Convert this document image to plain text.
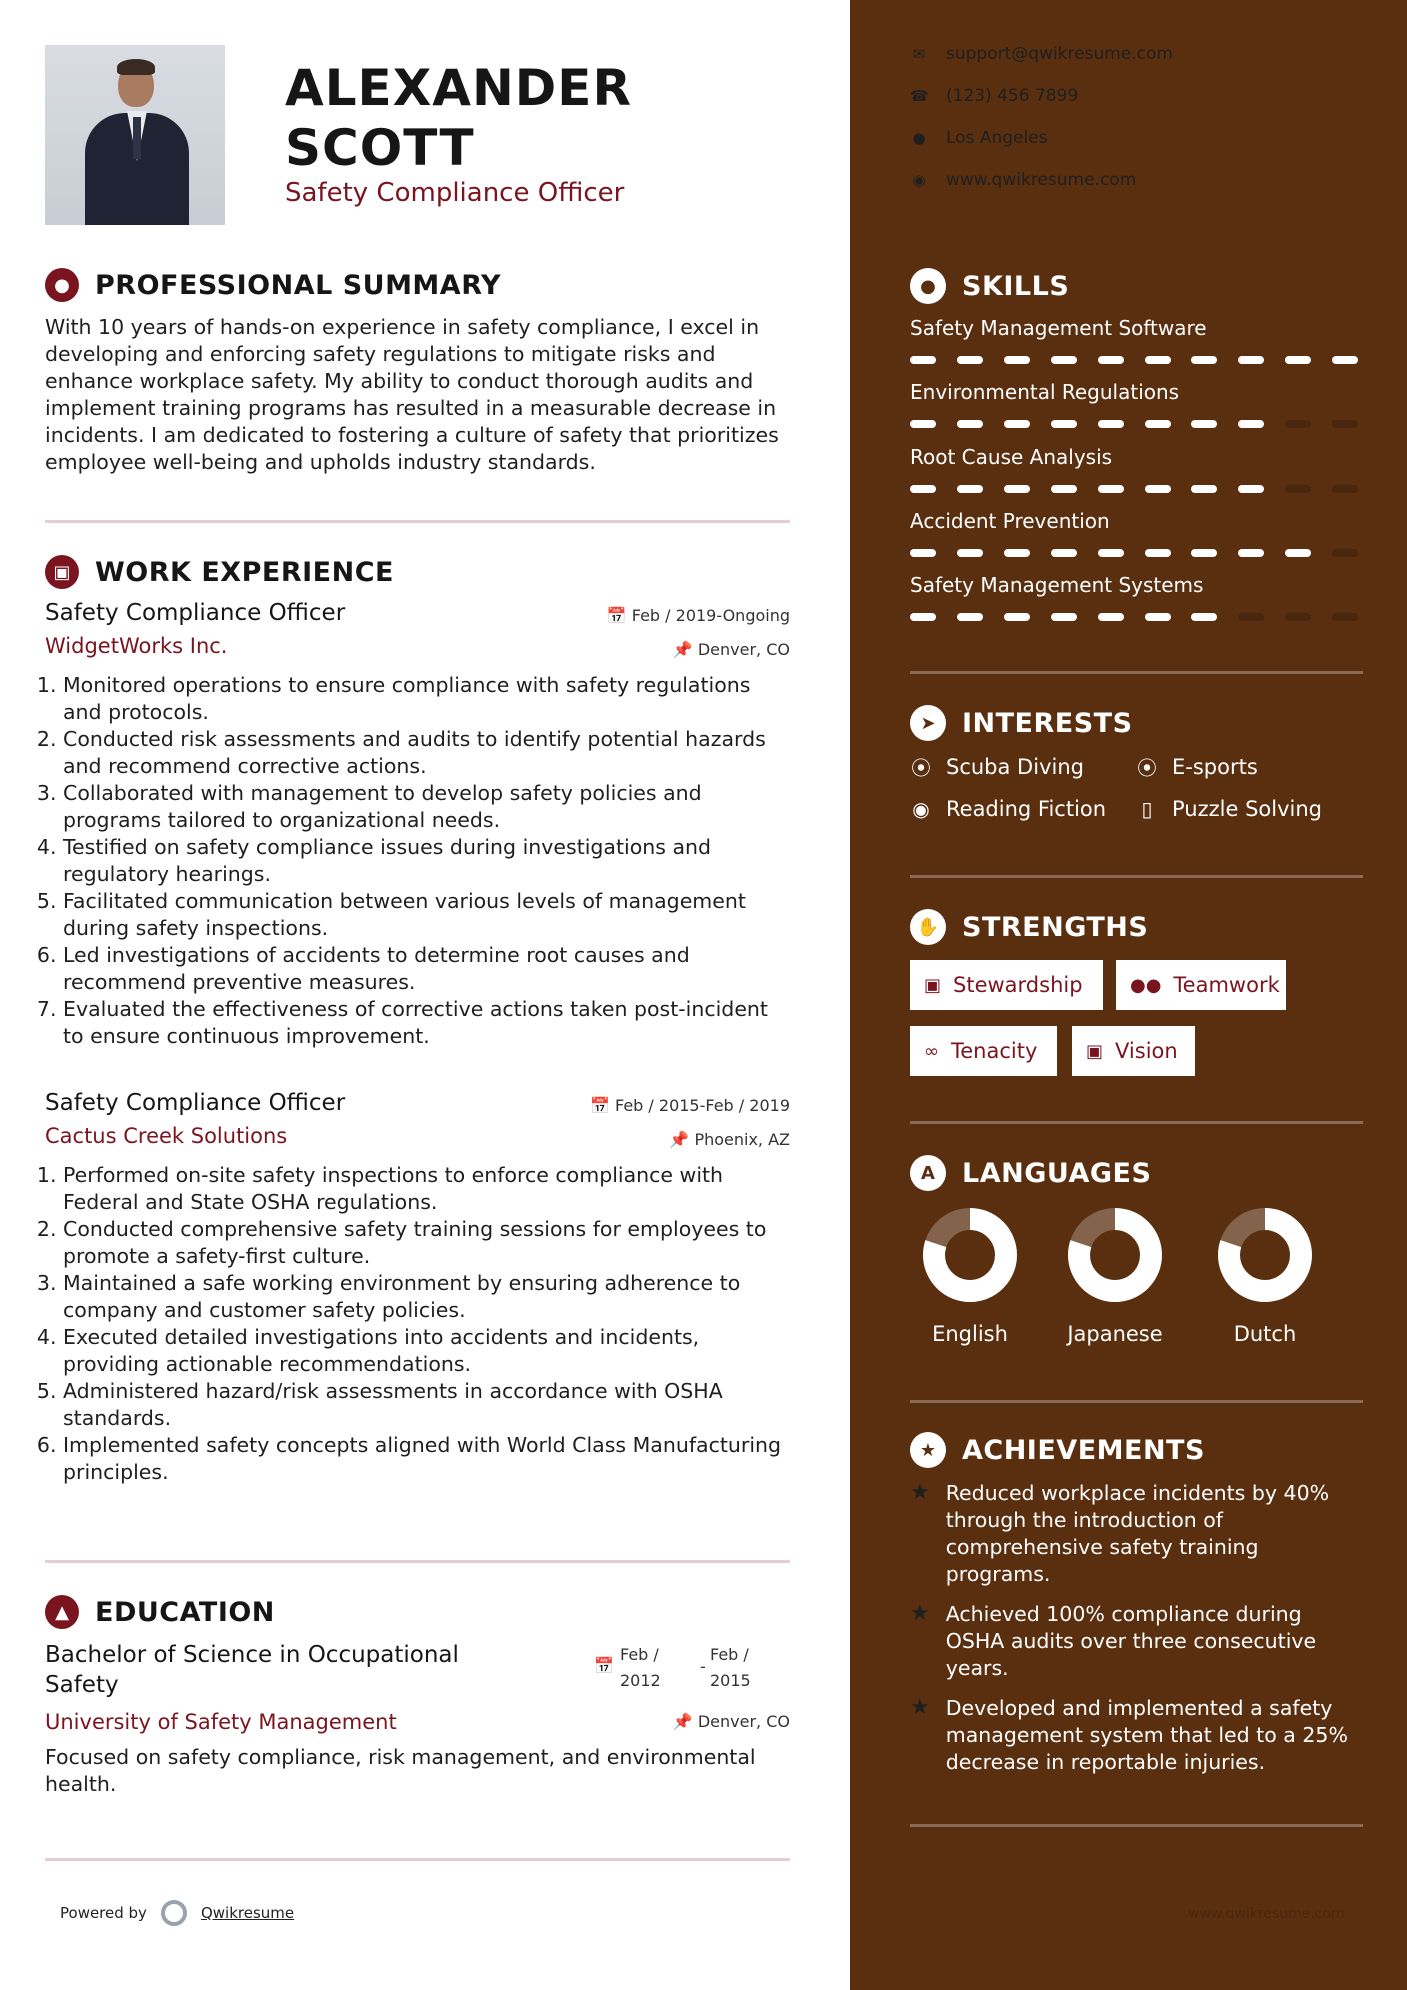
ALEXANDER
SCOTT
Safety Compliance Officer
● PROFESSIONAL SUMMARY
With 10 years of hands-on experience in safety compliance, I excel in developing and enforcing safety regulations to mitigate risks and enhance workplace safety. My ability to conduct thorough audits and implement training programs has resulted in a measurable decrease in incidents. I am dedicated to fostering a culture of safety that prioritizes employee well-being and upholds industry standards.
▣ WORK EXPERIENCE
Safety Compliance Officer
WidgetWorks Inc.
📅 Feb / 2019-Ongoing
📌 Denver, CO
1. Monitored operations to ensure compliance with safety regulations and protocols.
2. Conducted risk assessments and audits to identify potential hazards and recommend corrective actions.
3. Collaborated with management to develop safety policies and programs tailored to organizational needs.
4. Testified on safety compliance issues during investigations and regulatory hearings.
5. Facilitated communication between various levels of management during safety inspections.
6. Led investigations of accidents to determine root causes and recommend preventive measures.
7. Evaluated the effectiveness of corrective actions taken post-incident to ensure continuous improvement.
Safety Compliance Officer
Cactus Creek Solutions
📅 Feb / 2015-Feb / 2019
📌 Phoenix, AZ
1. Performed on-site safety inspections to enforce compliance with Federal and State OSHA regulations.
2. Conducted comprehensive safety training sessions for employees to promote a safety-first culture.
3. Maintained a safe working environment by ensuring adherence to company and customer safety policies.
4. Executed detailed investigations into accidents and incidents, providing actionable recommendations.
5. Administered hazard/risk assessments in accordance with OSHA standards.
6. Implemented safety concepts aligned with World Class Manufacturing principles.
▲ EDUCATION
Bachelor of Science in Occupational
Safety
📅
Feb /
2012
-
Feb /
2015
University of Safety Management	📌 Denver, CO
Focused on safety compliance, risk management, and environmental health.
Powered by	Qwikresume
✉ support@qwikresume.com
☎ (123) 456 7899
● Los Angeles
◉ www.qwikresume.com
● SKILLS
Safety Management Software
Environmental Regulations
Root Cause Analysis
Accident Prevention
Safety Management Systems
➤ INTERESTS
⦿ Scuba Diving	⦿ E-sports
◉ Reading Fiction ▯ Puzzle Solving
✋ STRENGTHS
▣ Stewardship	●● Teamwork
∞ Tenacity	▣ Vision
A	LANGUAGES
English	Japanese	Dutch
★ ACHIEVEMENTS
★ Reduced workplace incidents by 40% through the introduction of comprehensive safety training programs.
★ Achieved 100% compliance during OSHA audits over three consecutive years.
★ Developed and implemented a safety management system that led to a 25% decrease in reportable injuries.
www.qwikresume.com
